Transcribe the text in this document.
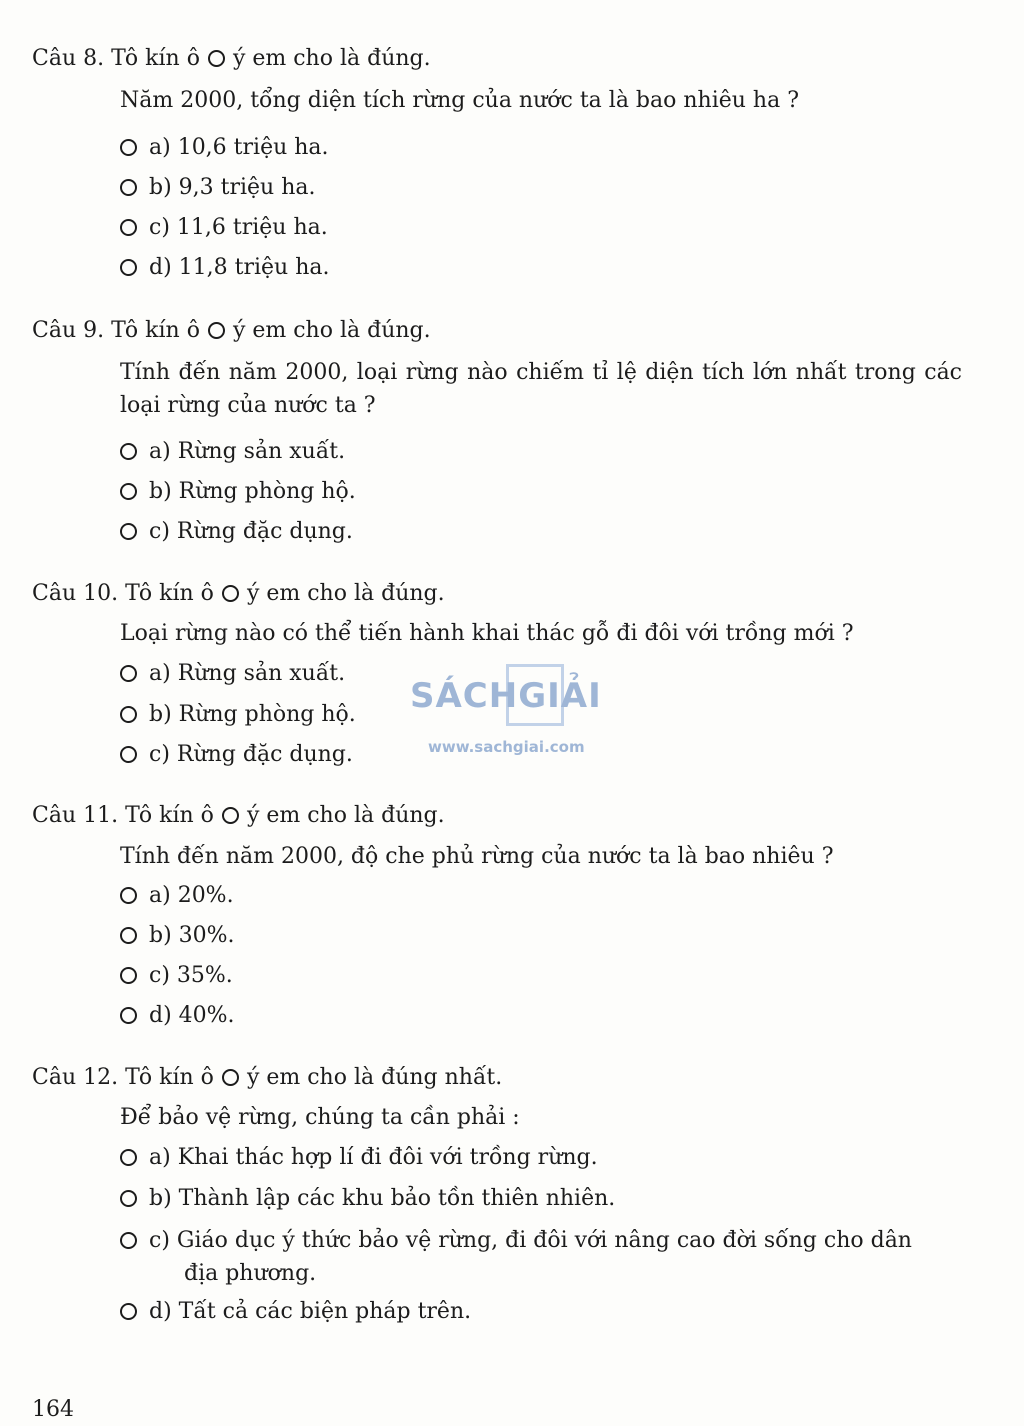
Câu 8. Tô kín ô ý em cho là đúng.
Năm 2000, tổng diện tích rừng của nước ta là bao nhiêu ha ?
a) 10,6 triệu ha.
b) 9,3 triệu ha.
c) 11,6 triệu ha.
d) 11,8 triệu ha.
Câu 9. Tô kín ô ý em cho là đúng.
Tính đến năm 2000, loại rừng nào chiếm tỉ lệ diện tích lớn nhất trong các loại rừng của nước ta ?
a) Rừng sản xuất.
b) Rừng phòng hộ.
c) Rừng đặc dụng.
Câu 10. Tô kín ô ý em cho là đúng.
Loại rừng nào có thể tiến hành khai thác gỗ đi đôi với trồng mới ?
a) Rừng sản xuất.
b) Rừng phòng hộ.
c) Rừng đặc dụng.
Câu 11. Tô kín ô ý em cho là đúng.
Tính đến năm 2000, độ che phủ rừng của nước ta là bao nhiêu ?
a) 20%.
b) 30%.
c) 35%.
d) 40%.
Câu 12. Tô kín ô ý em cho là đúng nhất.
Để bảo vệ rừng, chúng ta cần phải :
a) Khai thác hợp lí đi đôi với trồng rừng.
b) Thành lập các khu bảo tồn thiên nhiên.
c) Giáo dục ý thức bảo vệ rừng, đi đôi với nâng cao đời sống cho dân
địa phương.
d) Tất cả các biện pháp trên.
SÁCHGIẢI
www.sachgiai.com
164
